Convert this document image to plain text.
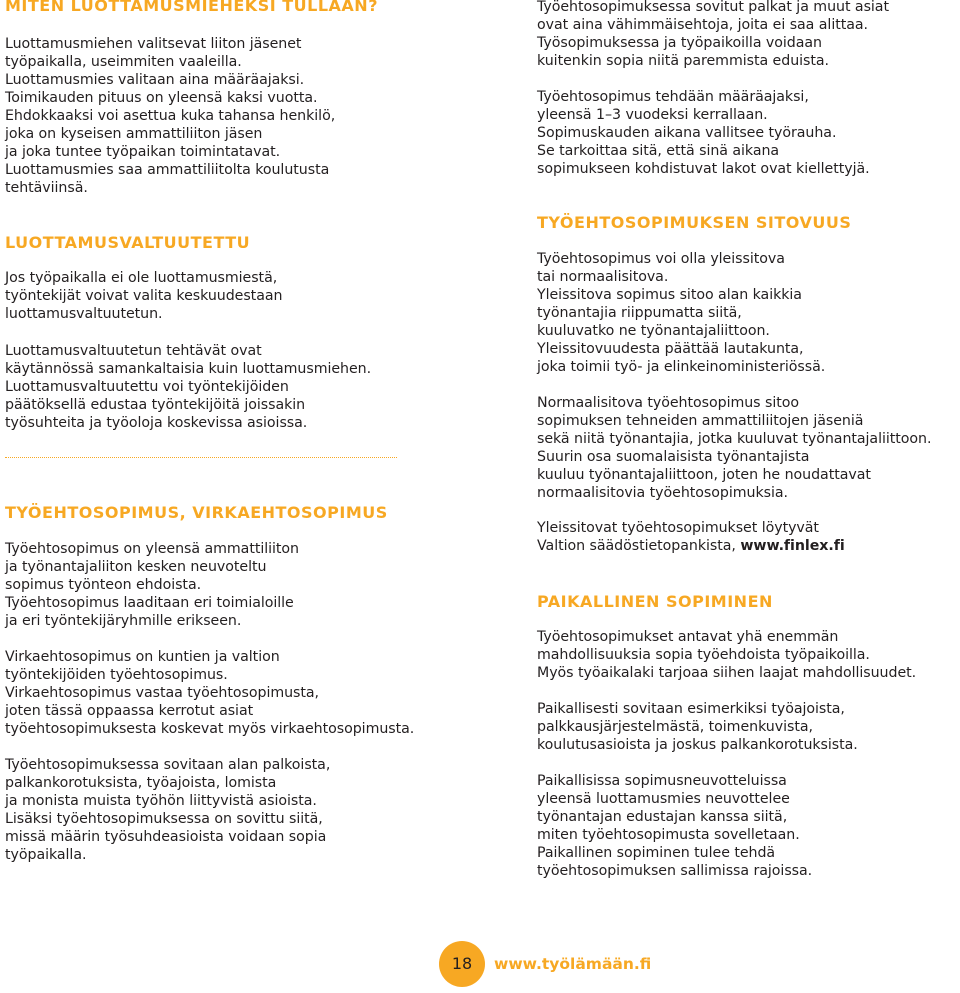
MITEN LUOTTAMUSMIEHEKSI TULLAAN?
Luottamusmiehen valitsevat liiton jäsenet
työpaikalla, useimmiten vaaleilla.
Luottamusmies valitaan aina määräajaksi.
Toimikauden pituus on yleensä kaksi vuotta.
Ehdokkaaksi voi asettua kuka tahansa henkilö,
joka on kyseisen ammattiliiton jäsen
ja joka tuntee työpaikan toimintatavat.
Luottamusmies saa ammattiliitolta koulutusta
tehtäviinsä.
LUOTTAMUSVALTUUTETTU
Jos työpaikalla ei ole luottamusmiestä,
työntekijät voivat valita keskuudestaan
luottamusvaltuutetun.
Luottamusvaltuutetun tehtävät ovat
käytännössä samankaltaisia kuin luottamusmiehen.
Luottamusvaltuutettu voi työntekijöiden
päätöksellä edustaa työntekijöitä joissakin
työsuhteita ja työoloja koskevissa asioissa.
TYÖEHTOSOPIMUS, VIRKAEHTOSOPIMUS
Työehtosopimus on yleensä ammattiliiton
ja työnantajaliiton kesken neuvoteltu
sopimus työnteon ehdoista.
Työehtosopimus laaditaan eri toimialoille
ja eri työntekijäryhmille erikseen.
Virkaehtosopimus on kuntien ja valtion
työntekijöiden työehtosopimus.
Virkaehtosopimus vastaa työehtosopimusta,
joten tässä oppaassa kerrotut asiat
työehtosopimuksesta koskevat myös virkaehtosopimusta.
Työehtosopimuksessa sovitaan alan palkoista,
palkankorotuksista, työajoista, lomista
ja monista muista työhön liittyvistä asioista.
Lisäksi työehtosopimuksessa on sovittu siitä,
missä määrin työsuhdeasioista voidaan sopia
työpaikalla.
Työehtosopimuksessa sovitut palkat ja muut asiat
ovat aina vähimmäisehtoja, joita ei saa alittaa.
Työsopimuksessa ja työpaikoilla voidaan
kuitenkin sopia niitä paremmista eduista.
Työehtosopimus tehdään määräajaksi,
yleensä 1–3 vuodeksi kerrallaan.
Sopimuskauden aikana vallitsee työrauha.
Se tarkoittaa sitä, että sinä aikana
sopimukseen kohdistuvat lakot ovat kiellettyjä.
TYÖEHTOSOPIMUKSEN SITOVUUS
Työehtosopimus voi olla yleissitova
tai normaalisitova.
Yleissitova sopimus sitoo alan kaikkia
työnantajia riippumatta siitä,
kuuluvatko ne työnantajaliittoon.
Yleissitovuudesta päättää lautakunta,
joka toimii työ- ja elinkeinoministeriössä.
Normaalisitova työehtosopimus sitoo
sopimuksen tehneiden ammattiliitojen jäseniä
sekä niitä työnantajia, jotka kuuluvat työnantajaliittoon.
Suurin osa suomalaisista työnantajista
kuuluu työnantajaliittoon, joten he noudattavat
normaalisitovia työehtosopimuksia.
Yleissitovat työehtosopimukset löytyvät
Valtion säädöstietopankista, www.finlex.fi
PAIKALLINEN SOPIMINEN
Työehtosopimukset antavat yhä enemmän
mahdollisuuksia sopia työehdoista työpaikoilla.
Myös työaikalaki tarjoaa siihen laajat mahdollisuudet.
Paikallisesti sovitaan esimerkiksi työajoista,
palkkausjärjestelmästä, toimenkuvista,
koulutusasioista ja joskus palkankorotuksista.
Paikallisissa sopimusneuvotteluissa
yleensä luottamusmies neuvottelee
työnantajan edustajan kanssa siitä,
miten työehtosopimusta sovelletaan.
Paikallinen sopiminen tulee tehdä
työehtosopimuksen sallimissa rajoissa.
18	www.työlämään.fi
